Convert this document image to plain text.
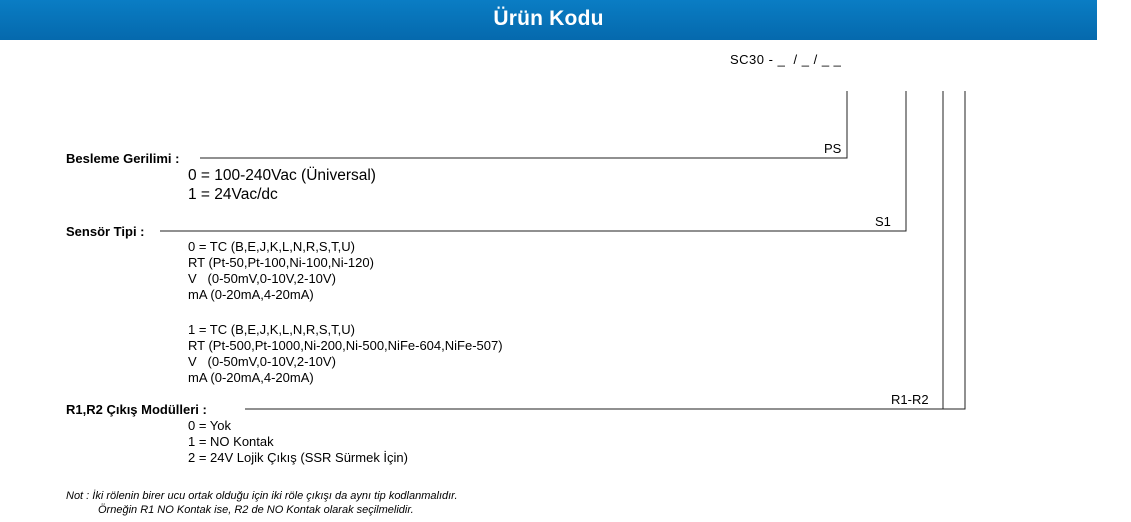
Ürün Kodu
SC30 - _  / _ / _ _
PS
S1
R1-R2
Besleme Gerilimi :
0 = 100-240Vac (Üniversal)
1 = 24Vac/dc
Sensör Tipi :
0 = TC (B,E,J,K,L,N,R,S,T,U)
RT (Pt-50,Pt-100,Ni-100,Ni-120)
V   (0-50mV,0-10V,2-10V)
mA (0-20mA,4-20mA)
1 = TC (B,E,J,K,L,N,R,S,T,U)
RT (Pt-500,Pt-1000,Ni-200,Ni-500,NiFe-604,NiFe-507)
V   (0-50mV,0-10V,2-10V)
mA (0-20mA,4-20mA)
R1,R2 Çıkış Modülleri :
0 = Yok
1 = NO Kontak
2 = 24V Lojik Çıkış (SSR Sürmek İçin)
Not : İki rölenin birer ucu ortak olduğu için iki röle çıkışı da aynı tip kodlanmalıdır.
Örneğin R1 NO Kontak ise, R2 de NO Kontak olarak seçilmelidir.
